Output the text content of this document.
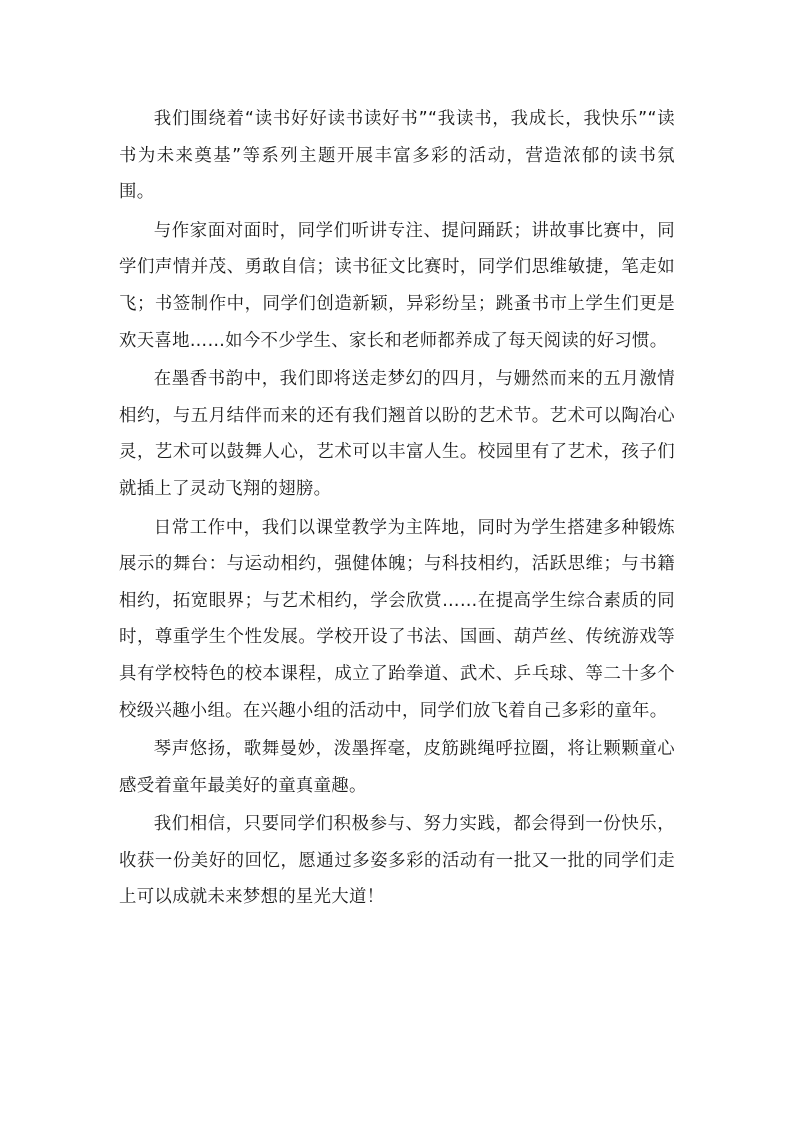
我们围绕着“读书好好读书读好书”“我读书，我成长，我快乐”“读书为未来奠基”等系列主题开展丰富多彩的活动，营造浓郁的读书氛围。

与作家面对面时，同学们听讲专注、提问踊跃；讲故事比赛中，同学们声情并茂、勇敢自信；读书征文比赛时，同学们思维敏捷，笔走如飞；书签制作中，同学们创造新颖，异彩纷呈；跳蚤书市上学生们更是欢天喜地……如今不少学生、家长和老师都养成了每天阅读的好习惯。

在墨香书韵中，我们即将送走梦幻的四月，与姗然而来的五月激情相约，与五月结伴而来的还有我们翘首以盼的艺术节。艺术可以陶冶心灵，艺术可以鼓舞人心，艺术可以丰富人生。校园里有了艺术，孩子们就插上了灵动飞翔的翅膀。

日常工作中，我们以课堂教学为主阵地，同时为学生搭建多种锻炼展示的舞台：与运动相约，强健体魄；与科技相约，活跃思维；与书籍相约，拓宽眼界；与艺术相约，学会欣赏……在提高学生综合素质的同时，尊重学生个性发展。学校开设了书法、国画、葫芦丝、传统游戏等具有学校特色的校本课程，成立了跆拳道、武术、乒乓球、等二十多个校级兴趣小组。在兴趣小组的活动中，同学们放飞着自己多彩的童年。

琴声悠扬，歌舞曼妙，泼墨挥毫，皮筋跳绳呼拉圈，将让颗颗童心感受着童年最美好的童真童趣。

我们相信，只要同学们积极参与、努力实践，都会得到一份快乐，收获一份美好的回忆，愿通过多姿多彩的活动有一批又一批的同学们走上可以成就未来梦想的星光大道！
